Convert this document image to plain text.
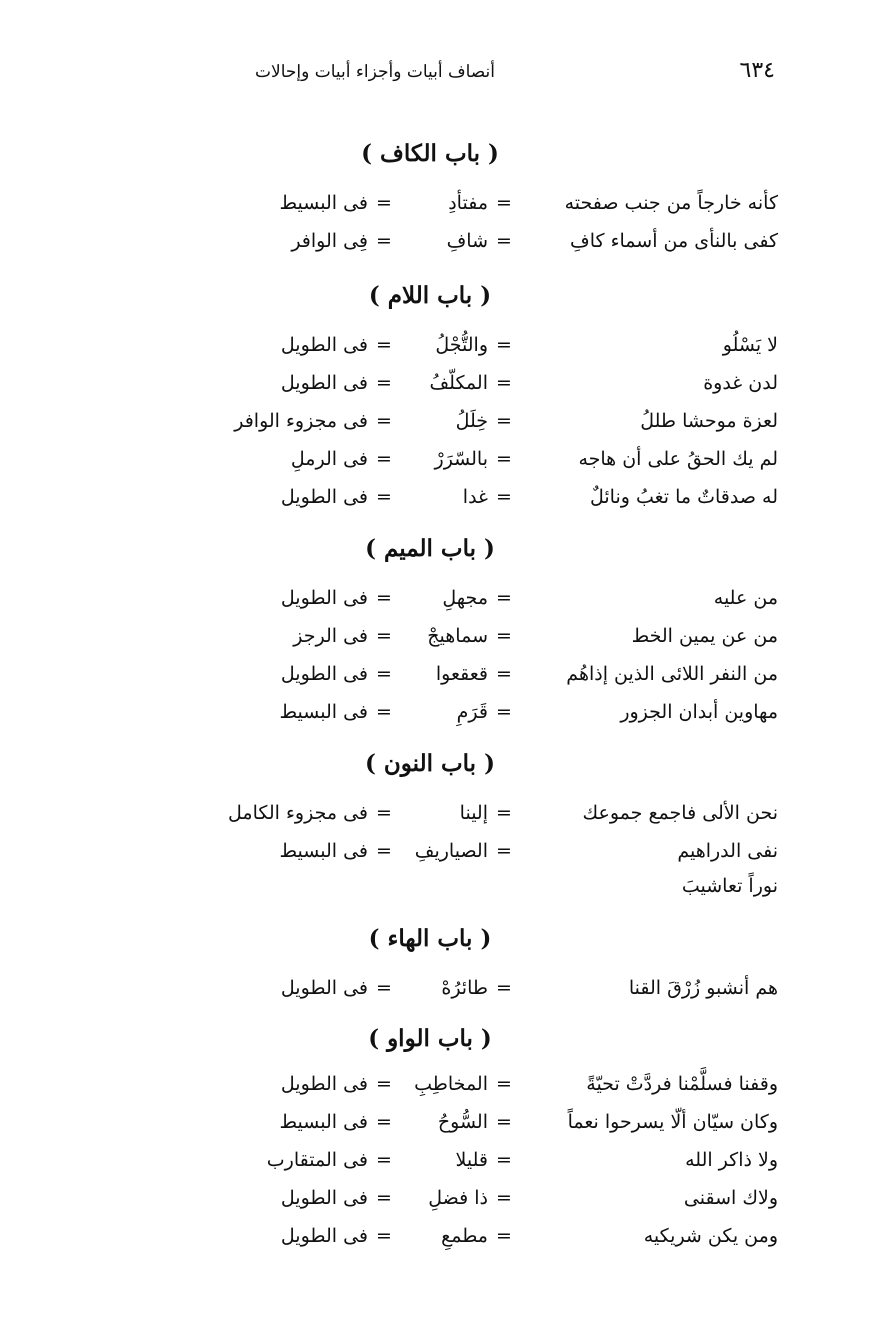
٦٣٤
أنصاف أبيات وأجزاء أبيات وإحالات
( باب الكاف )
كأنه خارجاً من جنب صفحته
=
مفتأدِ
=
فى البسيط
كفى بالنأى من أسماء كافِ
=
شافِ
=
فِى الوافر
( باب اللام )
لا يَسْلُو
=
والتُّجْلُ
=
فى الطويل
لدن غدوة
=
المكلّفُ
=
فى الطويل
لعزة موحشا طللُ
=
خِلَلُ
=
فى مجزوء الوافر
لم يك الحقُ على أن هاجه
=
بالسّرَرْ
=
فى الرملِ
له صدقاتٌ ما تغبُ ونائلٌ
=
غدا
=
فى الطويل
( باب الميم )
من عليه
=
مجهلِ
=
فى الطويل
من عن يمين الخط
=
سماهيجْ
=
فى الرجز
من النفر اللائى الذين إذاهُم
=
قعقعوا
=
فى الطويل
مهاوين أبدان الجزور
=
قَرَمِ
=
فى البسيط
( باب النون )
نحن الألى فاجمع جموعك
=
إلينا
=
فى مجزوء الكامل
نفى الدراهيم
=
الصياريفِ
=
فى البسيط
نوراً تعاشيبَ
( باب الهاء )
هم أنشبو زُرْقَ القنا
=
طائرُهْ
=
فى الطويل
( باب الواو )
وقفنا فسلَّمْنا فردَّتْ تحيّةً
=
المخاطِبِ
=
فى الطويل
وكان سيّان ألّا يسرحوا نعماً
=
السُّوحُ
=
فى البسيط
ولا ذاكر الله
=
قليلا
=
فى المتقارب
ولاك اسقنى
=
ذا فضلِ
=
فى الطويل
ومن يكن شريكيه
=
مطمعِ
=
فى الطويل
